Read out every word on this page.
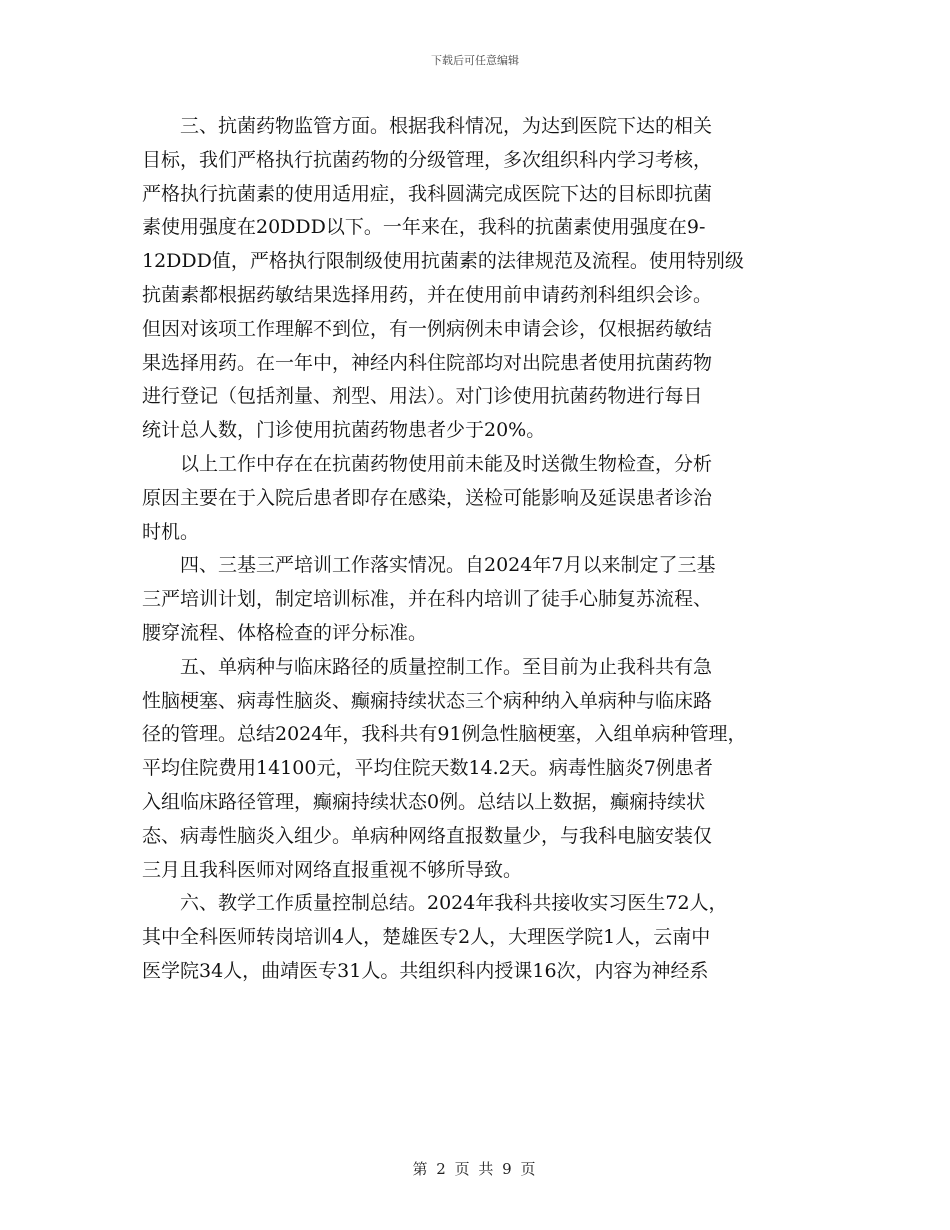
下载后可任意编辑

三、抗菌药物监管方面。根据我科情况，为达到医院下达的相关
目标，我们严格执行抗菌药物的分级管理，多次组织科内学习考核，
严格执行抗菌素的使用适用症，我科圆满完成医院下达的目标即抗菌
素使用强度在20DDD以下。一年来在，我科的抗菌素使用强度在9-
12DDD值，严格执行限制级使用抗菌素的法律规范及流程。使用特别级
抗菌素都根据药敏结果选择用药，并在使用前申请药剂科组织会诊。
但因对该项工作理解不到位，有一例病例未申请会诊，仅根据药敏结
果选择用药。在一年中，神经内科住院部均对出院患者使用抗菌药物
进行登记（包括剂量、剂型、用法）。对门诊使用抗菌药物进行每日
统计总人数，门诊使用抗菌药物患者少于20%。

以上工作中存在在抗菌药物使用前未能及时送微生物检查，分析
原因主要在于入院后患者即存在感染，送检可能影响及延误患者诊治
时机。

四、三基三严培训工作落实情况。自2024年7月以来制定了三基
三严培训计划，制定培训标准，并在科内培训了徒手心肺复苏流程、
腰穿流程、体格检查的评分标准。

五、单病种与临床路径的质量控制工作。至目前为止我科共有急
性脑梗塞、病毒性脑炎、癫痫持续状态三个病种纳入单病种与临床路
径的管理。总结2024年，我科共有91例急性脑梗塞，入组单病种管理，
平均住院费用14100元，平均住院天数14.2天。病毒性脑炎7例患者
入组临床路径管理，癫痫持续状态0例。总结以上数据，癫痫持续状
态、病毒性脑炎入组少。单病种网络直报数量少，与我科电脑安装仅
三月且我科医师对网络直报重视不够所导致。

六、教学工作质量控制总结。2024年我科共接收实习医生72人，
其中全科医师转岗培训4人，楚雄医专2人，大理医学院1人，云南中
医学院34人，曲靖医专31人。共组织科内授课16次，内容为神经系

第 2 页 共 9 页
